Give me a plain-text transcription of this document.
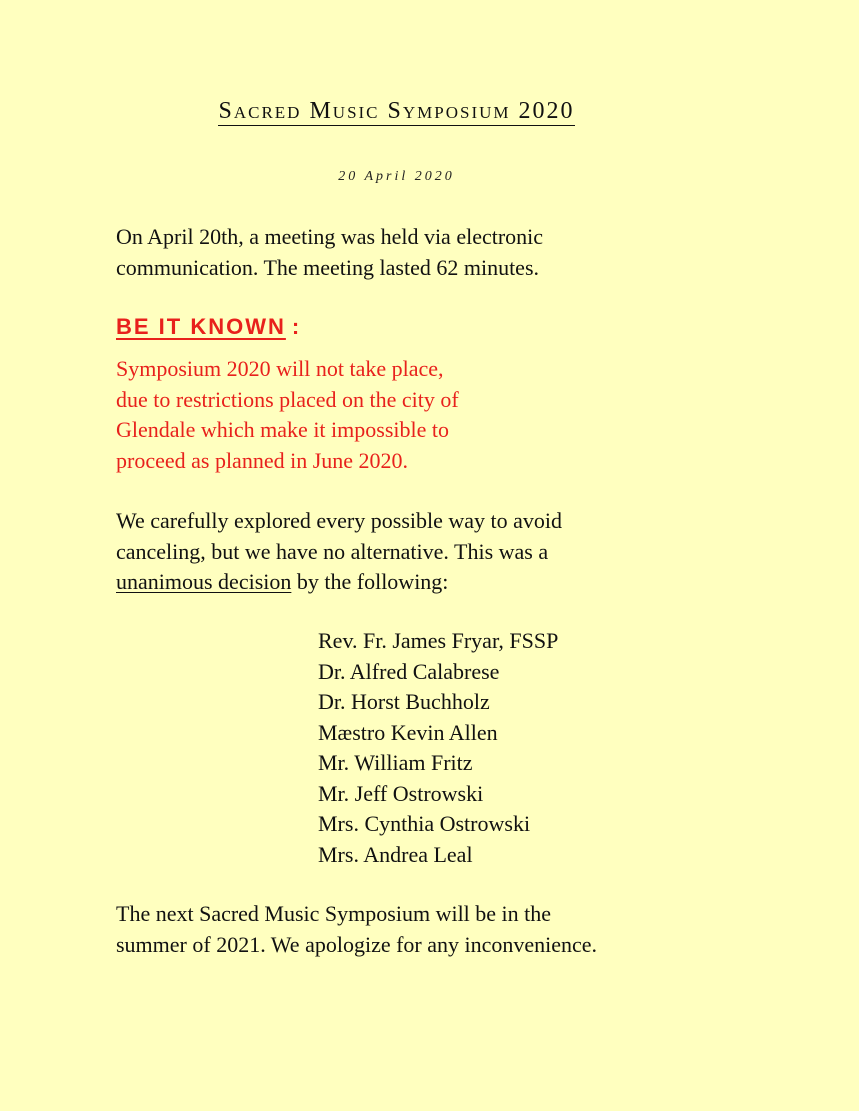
Sacred Music Symposium 2020
20 April 2020

On April 20th, a meeting was held via electronic
communication. The meeting lasted 62 minutes.

BE IT KNOWN :

Symposium 2020 will not take place,
due to restrictions placed on the city of
Glendale which make it impossible to
proceed as planned in June 2020.

We carefully explored every possible way to avoid
canceling, but we have no alternative. This was a
unanimous decision by the following:

Rev. Fr. James Fryar, FSSP
Dr. Alfred Calabrese
Dr. Horst Buchholz
Mæstro Kevin Allen
Mr. William Fritz
Mr. Jeff Ostrowski
Mrs. Cynthia Ostrowski
Mrs. Andrea Leal

The next Sacred Music Symposium will be in the
summer of 2021. We apologize for any inconvenience.
